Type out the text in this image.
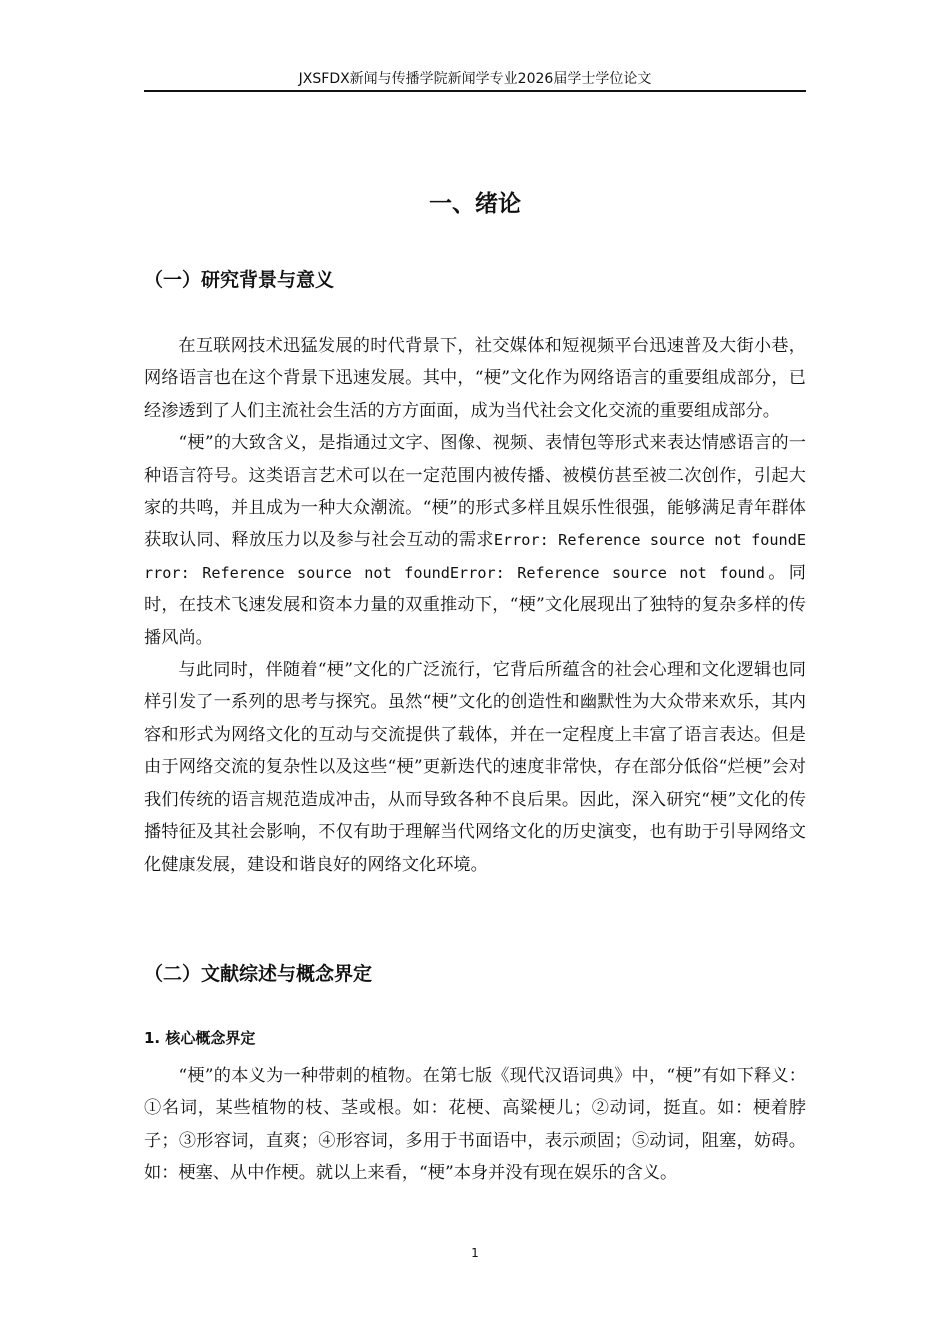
JXSFDX新闻与传播学院新闻学专业2026届学士学位论文
一、绪论
（一）研究背景与意义

在互联网技术迅猛发展的时代背景下，社交媒体和短视频平台迅速普及大街小巷，网络语言也在这个背景下迅速发展。其中，“梗”文化作为网络语言的重要组成部分，已经渗透到了人们主流社会生活的方方面面，成为当代社会文化交流的重要组成部分。

“梗”的大致含义，是指通过文字、图像、视频、表情包等形式来表达情感语言的一种语言符号。这类语言艺术可以在一定范围内被传播、被模仿甚至被二次创作，引起大家的共鸣，并且成为一种大众潮流。“梗”的形式多样且娱乐性很强，能够满足青年群体获取认同、释放压力以及参与社会互动的需求Error: Reference source not foundError: Reference source not foundError: Reference source not found。同时，在技术飞速发展和资本力量的双重推动下，“梗”文化展现出了独特的复杂多样的传播风尚。

与此同时，伴随着“梗”文化的广泛流行，它背后所蕴含的社会心理和文化逻辑也同样引发了一系列的思考与探究。虽然“梗”文化的创造性和幽默性为大众带来欢乐，其内容和形式为网络文化的互动与交流提供了载体，并在一定程度上丰富了语言表达。但是由于网络交流的复杂性以及这些“梗”更新迭代的速度非常快，存在部分低俗“烂梗”会对我们传统的语言规范造成冲击，从而导致各种不良后果。因此，深入研究“梗”文化的传播特征及其社会影响，不仅有助于理解当代网络文化的历史演变，也有助于引导网络文化健康发展，建设和谐良好的网络文化环境。

（二）文献综述与概念界定
1. 核心概念界定

“梗”的本义为一种带刺的植物。在第七版《现代汉语词典》中，“梗”有如下释义：①名词，某些植物的枝、茎或根。如：花梗、高粱梗儿；②动词，挺直。如：梗着脖子；③形容词，直爽；④形容词，多用于书面语中，表示顽固；⑤动词，阻塞，妨碍。如：梗塞、从中作梗。就以上来看，“梗”本身并没有现在娱乐的含义。

1
